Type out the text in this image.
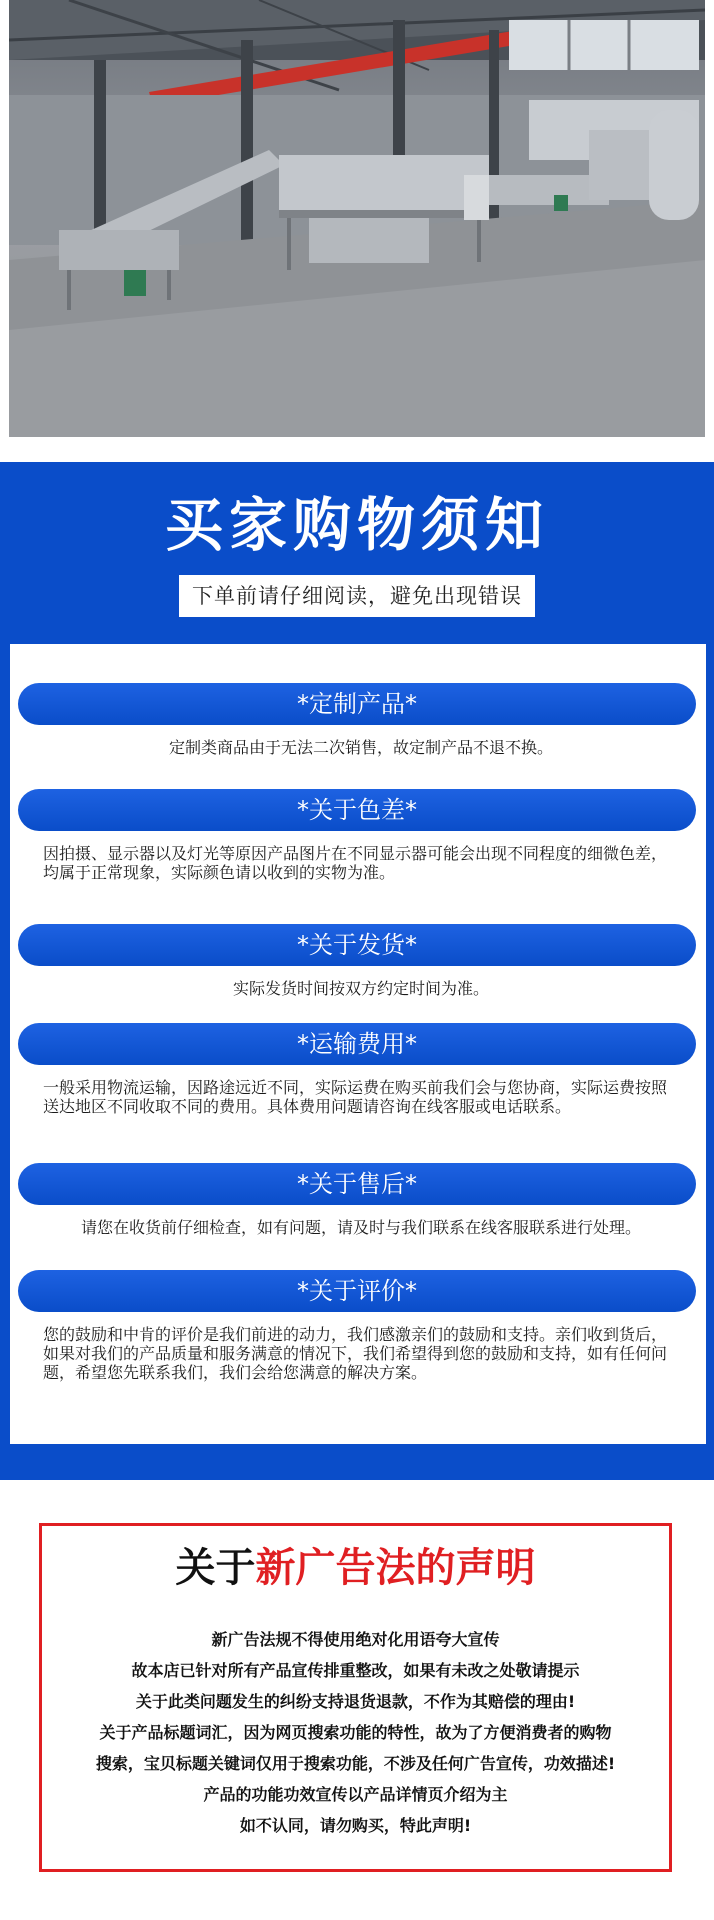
买家购物须知
下单前请仔细阅读，避免出现错误
*定制产品*
定制类商品由于无法二次销售，故定制产品不退不换。
*关于色差*
因拍摄、显示器以及灯光等原因产品图片在不同显示器可能会出现不同程度的细微色差，均属于正常现象，实际颜色请以收到的实物为准。
*关于发货*
实际发货时间按双方约定时间为准。
*运输费用*
一般采用物流运输，因路途远近不同，实际运费在购买前我们会与您协商，实际运费按照送达地区不同收取不同的费用。具体费用问题请咨询在线客服或电话联系。
*关于售后*
请您在收货前仔细检查，如有问题，请及时与我们联系在线客服联系进行处理。
*关于评价*
您的鼓励和中肯的评价是我们前进的动力，我们感激亲们的鼓励和支持。亲们收到货后，如果对我们的产品质量和服务满意的情况下，我们希望得到您的鼓励和支持，如有任何问题，希望您先联系我们，我们会给您满意的解决方案。
关于新广告法的声明
新广告法规不得使用绝对化用语夸大宣传
故本店已针对所有产品宣传排重整改，如果有未改之处敬请提示
关于此类问题发生的纠纷支持退货退款，不作为其赔偿的理由!
关于产品标题词汇，因为网页搜索功能的特性，故为了方便消费者的购物
搜索，宝贝标题关键词仅用于搜索功能，不涉及任何广告宣传，功效描述!
产品的功能功效宣传以产品详情页介绍为主
如不认同，请勿购买，特此声明!
